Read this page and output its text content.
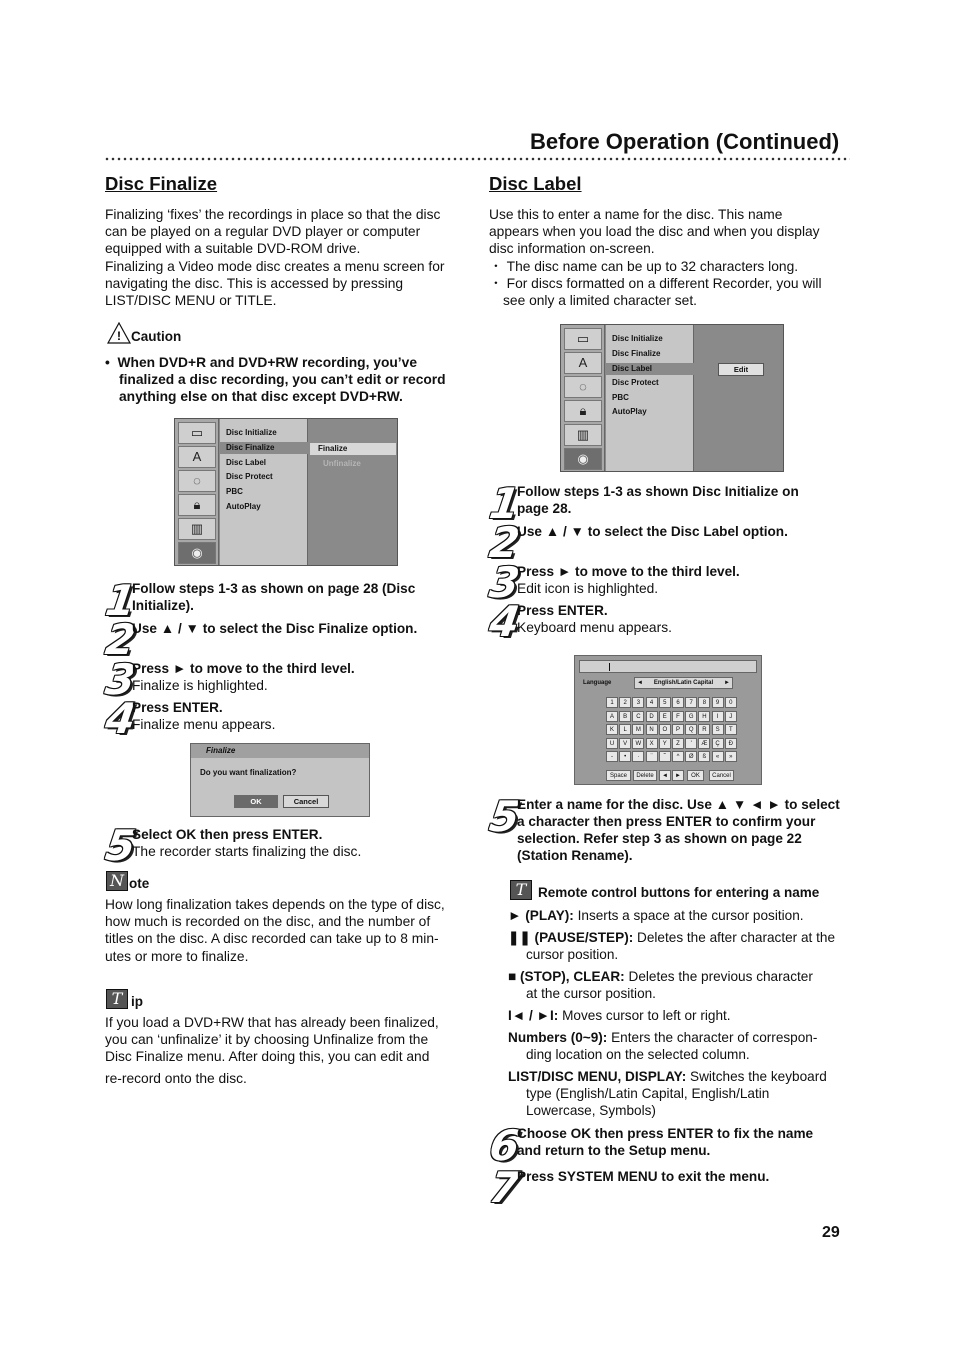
Before Operation (Continued)
Disc Finalize
Finalizing ‘fixes’ the recordings in place so that the disc
can be played on a regular DVD player or computer
equipped with a suitable DVD-ROM drive.
Finalizing a Video mode disc creates a menu screen for
navigating the disc. This is accessed by pressing
LIST/DISC MENU or TITLE.
! Caution
•  When DVD+R and DVD+RW recording, you’ve finalized a disc recording, you can’t edit or record anything else on that disc except DVD+RW.
▭
A
◌
🔒︎
▥
◉
Disc Initialize
Disc Finalize
Disc Label
Disc Protect
PBC
AutoPlay
Finalize
Unfinalize
1
Follow steps 1-3 as shown on page 28 (Disc
Initialize).
2
Use ▲ / ▼ to select the Disc Finalize option.
3
Press ► to move to the third level.
Finalize is highlighted.
4
Press ENTER.
Finalize menu appears.
Finalize
Do you want finalization?
OK	Cancel
5
Select OK then press ENTER.
The recorder starts finalizing the disc.
N ote
How long finalization takes depends on the type of disc,
how much is recorded on the disc, and the number of
titles on the disc. A disc recorded can take up to 8 min-
utes or more to finalize.
T ip
If you load a DVD+RW that has already been finalized,
you can ‘unfinalize’ it by choosing Unfinalize from the
Disc Finalize menu. After doing this, you can edit and
re-record onto the disc.
Disc Label
Use this to enter a name for the disc. This name
appears when you load the disc and when you display
disc information on-screen.
・ The disc name can be up to 32 characters long.
・ For discs formatted on a different Recorder, you will
see only a limited character set.
▭
A
◌
🔒︎
▥
◉
Disc Initialize
Disc Finalize
Disc Label
Disc Protect
PBC
AutoPlay
Edit
1
Follow steps 1-3 as shown Disc Initialize on
page 28.
2
Use ▲ / ▼ to select the Disc Label option.
3
Press ► to move to the third level.
Edit icon is highlighted.
4
Press ENTER.
Keyboard menu appears.
Language	◄ English/Latin Capital ►
1	2	3	4	5	6	7	8	9	0
A	B	C	D	E	F	G	H	I	J
K	L	M	N	O	P	Q	R	S	T
U	V	W	X	Y	Z	'	Æ	Ç	Ð
-	•	·	¨	˜	^	Ø	ß	«	»
Space	Delete	◄	►	OK	Cancel
5
Enter a name for the disc. Use ▲ ▼ ◄ ► to select
a character then press ENTER to confirm your
selection. Refer step 3 as shown on page 22
(Station Rename).
T Remote control buttons for entering a name
► (PLAY): Inserts a space at the cursor position.
❚❚ (PAUSE/STEP): Deletes the after character at the
cursor position.
■ (STOP), CLEAR: Deletes the previous character
at the cursor position.
I◄ / ►I: Moves cursor to left or right.
Numbers (0~9): Enters the character of correspon-
ding location on the selected column.
LIST/DISC MENU, DISPLAY: Switches the keyboard
type (English/Latin Capital, English/Latin
Lowercase, Symbols)
6
Choose OK then press ENTER to fix the name
and return to the Setup menu.
7
Press SYSTEM MENU to exit the menu.
29
